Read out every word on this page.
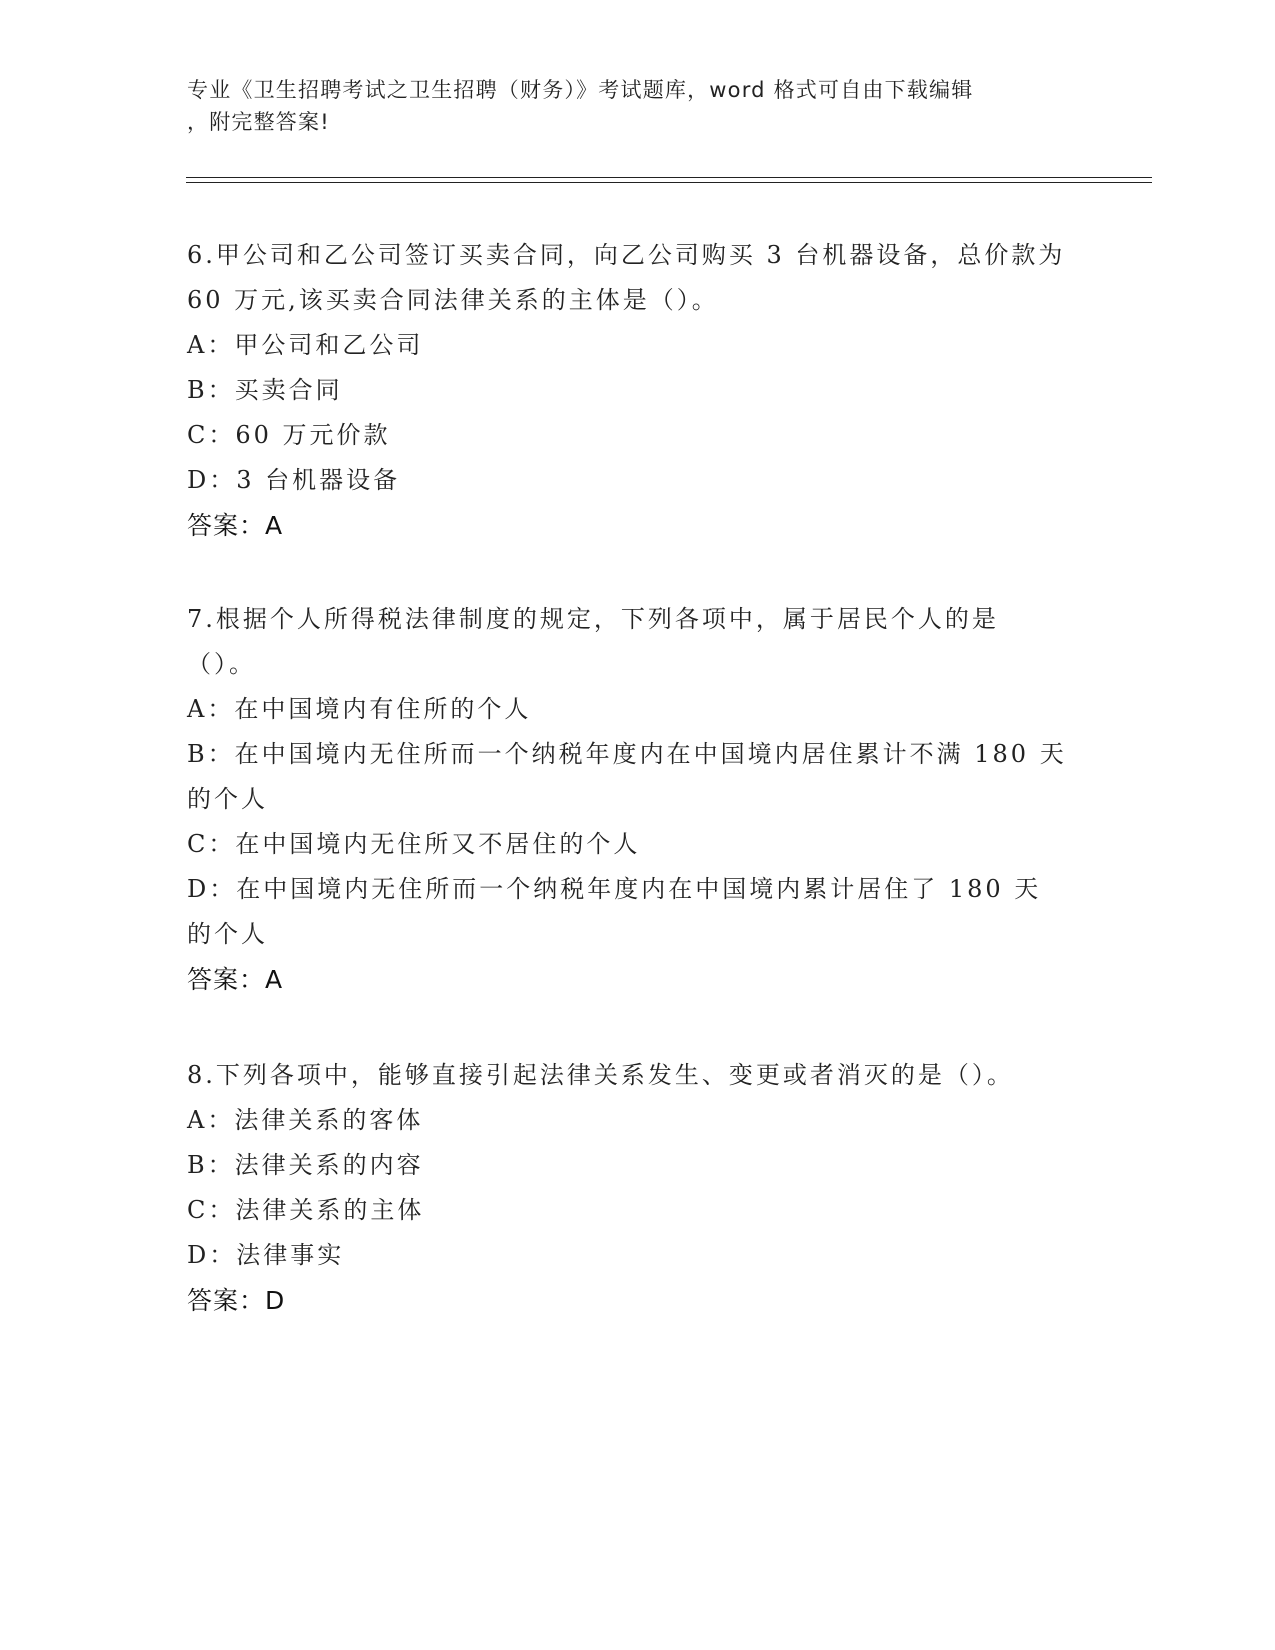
专业《卫生招聘考试之卫生招聘（财务）》考试题库，word 格式可自由下载编辑
，附完整答案!

6.甲公司和乙公司签订买卖合同，向乙公司购买 3 台机器设备，总价款为 60 万元,该买卖合同法律关系的主体是（）。

A：甲公司和乙公司

B：买卖合同

C：60 万元价款

D：3 台机器设备

答案：A

7.根据个人所得税法律制度的规定，下列各项中，属于居民个人的是（）。

A：在中国境内有住所的个人

B：在中国境内无住所而一个纳税年度内在中国境内居住累计不满 180 天的个人

C：在中国境内无住所又不居住的个人

D：在中国境内无住所而一个纳税年度内在中国境内累计居住了 180 天的个人

答案：A

8.下列各项中，能够直接引起法律关系发生、变更或者消灭的是（）。

A：法律关系的客体

B：法律关系的内容

C：法律关系的主体

D：法律事实

答案：D
